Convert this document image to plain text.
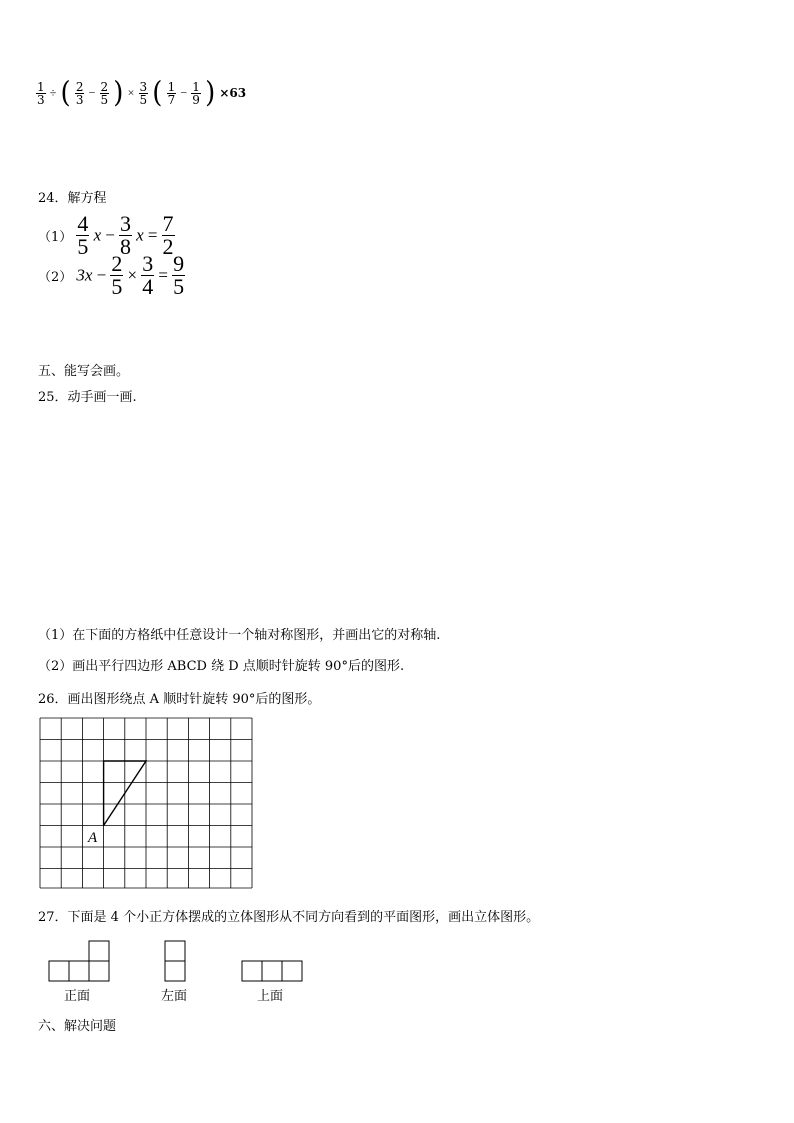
$\frac{1}{3}$ ÷ ( $\frac{2}{3} - \frac{2}{5}$ ) × $\frac{3}{5}$ ( $\frac{1}{7} - \frac{1}{9}$ ) ×63
24．解方程
$(1) \frac{4}{5}$ $x - \frac{3}{8}$ $x = \frac{7}{2}$
（2） $3x - \frac{2}{5} \times \frac{3}{4} = \frac{9}{5}$
五、能写会画。
25．动手画一画.
（1）在下面的方格纸中任意设计一个轴对称图形，并画出它的对称轴.
（2）画出平行四边形 ABCD 绕 D 点顺时针旋转 90°后的图形.
26．画出图形绕点 A 顺时针旋转 90°后的图形。
A
27．下面是 4 个小正方体摆成的立体图形从不同方向看到的平面图形，画出立体图形。
正面	左面	上面
六、解决问题
